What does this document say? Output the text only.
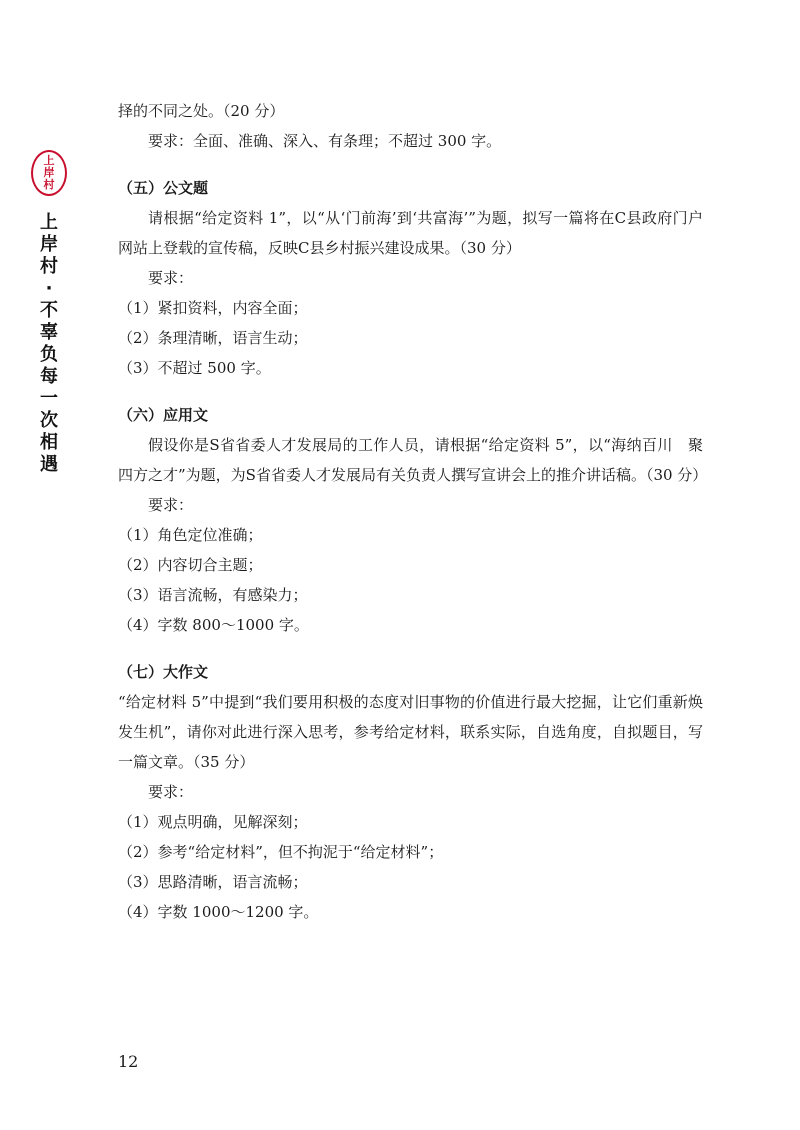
上
岸
村
上
岸
村
·
不
辜
负
每
一
次
相
遇
择的不同之处。（20 分）
要求：全面、准确、深入、有条理；不超过 300 字。
（五）公文题
请根据“给定资料 1”，以“从‘门前海’到‘共富海’”为题，拟写一篇将在C县政府门户网站上登载的宣传稿，反映C县乡村振兴建设成果。（30 分）
要求：
（1）紧扣资料，内容全面；
（2）条理清晰，语言生动；
（3）不超过 500 字。
（六）应用文
假设你是S省省委人才发展局的工作人员，请根据“给定资料 5”，以“海纳百川　聚四方之才”为题，为S省省委人才发展局有关负责人撰写宣讲会上的推介讲话稿。（30 分）
要求：
（1）角色定位准确；
（2）内容切合主题；
（3）语言流畅，有感染力；
（4）字数 800～1000 字。
（七）大作文
“给定材料 5”中提到“我们要用积极的态度对旧事物的价值进行最大挖掘，让它们重新焕发生机”，请你对此进行深入思考，参考给定材料，联系实际，自选角度，自拟题目，写一篇文章。（35 分）
要求：
（1）观点明确，见解深刻；
（2）参考“给定材料”，但不拘泥于“给定材料”；
（3）思路清晰，语言流畅；
（4）字数 1000～1200 字。
12
